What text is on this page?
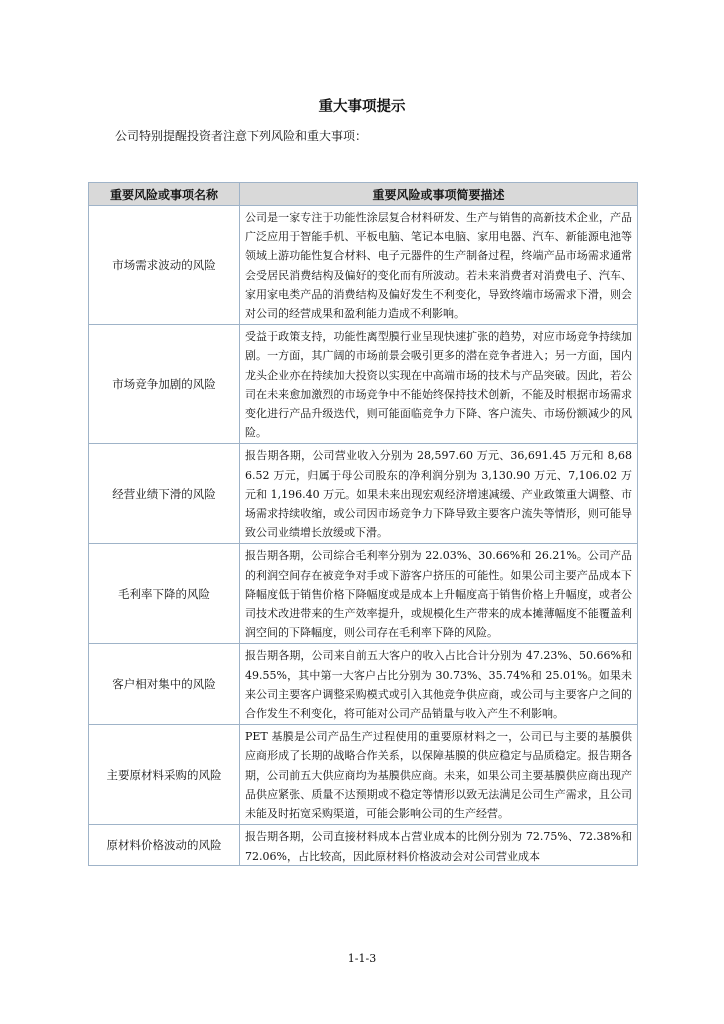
重大事项提示
公司特别提醒投资者注意下列风险和重大事项：
重要风险或事项名称	重要风险或事项简要描述
市场需求波动的风险	公司是一家专注于功能性涂层复合材料研发、生产与销售的高新技术企业，产品广泛应用于智能手机、平板电脑、笔记本电脑、家用电器、汽车、新能源电池等领域上游功能性复合材料、电子元器件的生产制备过程，终端产品市场需求通常会受居民消费结构及偏好的变化而有所波动。若未来消费者对消费电子、汽车、家用家电类产品的消费结构及偏好发生不利变化，导致终端市场需求下滑，则会对公司的经营成果和盈利能力造成不利影响。
市场竞争加剧的风险	受益于政策支持，功能性离型膜行业呈现快速扩张的趋势，对应市场竞争持续加剧。一方面，其广阔的市场前景会吸引更多的潜在竞争者进入；另一方面，国内龙头企业亦在持续加大投资以实现在中高端市场的技术与产品突破。因此，若公司在未来愈加激烈的市场竞争中不能始终保持技术创新，不能及时根据市场需求变化进行产品升级迭代，则可能面临竞争力下降、客户流失、市场份额减少的风险。
经营业绩下滑的风险	报告期各期，公司营业收入分别为 28,597.60 万元、36,691.45 万元和 8,686.52 万元，归属于母公司股东的净利润分别为 3,130.90 万元、7,106.02 万元和 1,196.40 万元。如果未来出现宏观经济增速减缓、产业政策重大调整、市场需求持续收缩，或公司因市场竞争力下降导致主要客户流失等情形，则可能导致公司业绩增长放缓或下滑。
毛利率下降的风险	报告期各期，公司综合毛利率分别为 22.03%、30.66%和 26.21%。公司产品的利润空间存在被竞争对手或下游客户挤压的可能性。如果公司主要产品成本下降幅度低于销售价格下降幅度或是成本上升幅度高于销售价格上升幅度，或者公司技术改进带来的生产效率提升，或规模化生产带来的成本摊薄幅度不能覆盖利润空间的下降幅度，则公司存在毛利率下降的风险。
客户相对集中的风险	报告期各期，公司来自前五大客户的收入占比合计分别为 47.23%、50.66%和 49.55%，其中第一大客户占比分别为 30.73%、35.74%和 25.01%。如果未来公司主要客户调整采购模式或引入其他竞争供应商，或公司与主要客户之间的合作发生不利变化，将可能对公司产品销量与收入产生不利影响。
主要原材料采购的风险	PET 基膜是公司产品生产过程使用的重要原材料之一，公司已与主要的基膜供应商形成了长期的战略合作关系，以保障基膜的供应稳定与品质稳定。报告期各期，公司前五大供应商均为基膜供应商。未来，如果公司主要基膜供应商出现产品供应紧张、质量不达预期或不稳定等情形以致无法满足公司生产需求，且公司未能及时拓宽采购渠道，可能会影响公司的生产经营。
原材料价格波动的风险	报告期各期，公司直接材料成本占营业成本的比例分别为 72.75%、72.38%和 72.06%，占比较高，因此原材料价格波动会对公司营业成本
1-1-3
